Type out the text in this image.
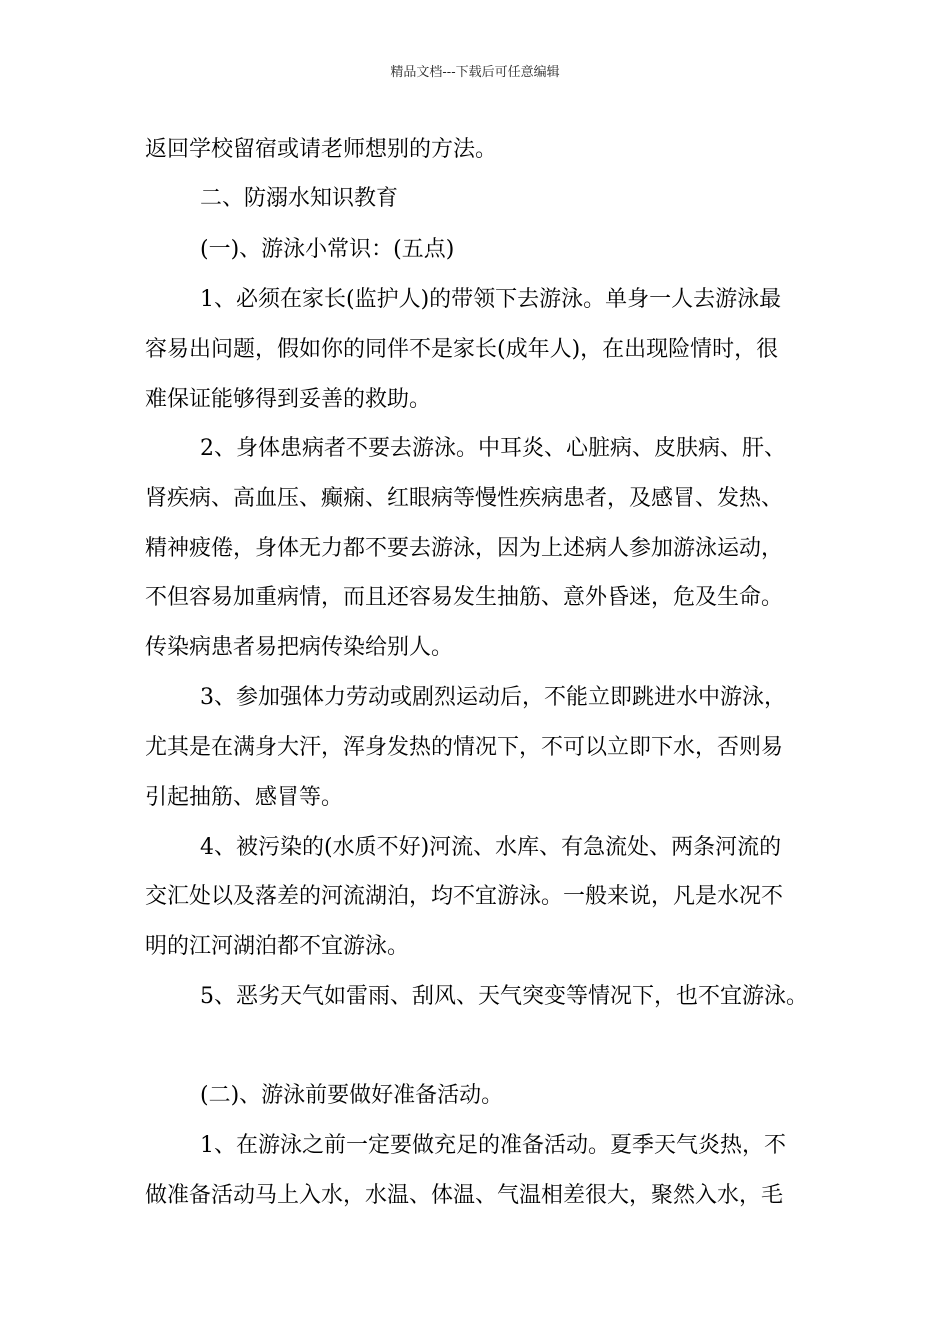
精品文档---下载后可任意编辑
返回学校留宿或请老师想别的方法。
二、防溺水知识教育
(一)、游泳小常识：(五点)
1、必须在家长(监护人)的带领下去游泳。单身一人去游泳最
容易出问题，假如你的同伴不是家长(成年人)，在出现险情时，很
难保证能够得到妥善的救助。
2、身体患病者不要去游泳。中耳炎、心脏病、皮肤病、肝、
肾疾病、高血压、癫痫、红眼病等慢性疾病患者，及感冒、发热、
精神疲倦，身体无力都不要去游泳，因为上述病人参加游泳运动，
不但容易加重病情，而且还容易发生抽筋、意外昏迷，危及生命。
传染病患者易把病传染给别人。
3、参加强体力劳动或剧烈运动后，不能立即跳进水中游泳，
尤其是在满身大汗，浑身发热的情况下，不可以立即下水，否则易
引起抽筋、感冒等。
4、被污染的(水质不好)河流、水库、有急流处、两条河流的
交汇处以及落差的河流湖泊，均不宜游泳。一般来说，凡是水况不
明的江河湖泊都不宜游泳。
5、恶劣天气如雷雨、刮风、天气突变等情况下，也不宜游泳。
(二)、游泳前要做好准备活动。
1、在游泳之前一定要做充足的准备活动。夏季天气炎热，不
做准备活动马上入水，水温、体温、气温相差很大，聚然入水，毛
